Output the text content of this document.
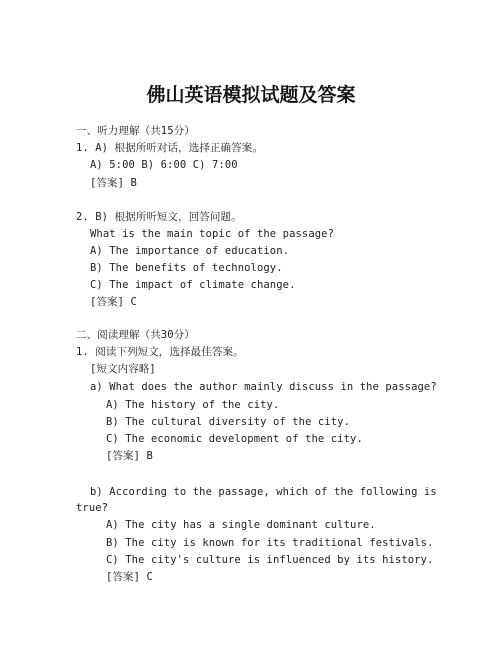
佛山英语模拟试题及答案
一、听力理解（共15分）
1. A) 根据所听对话，选择正确答案。
A) 5:00 B) 6:00 C) 7:00
[答案] B
2. B) 根据所听短文，回答问题。
What is the main topic of the passage?
A) The importance of education.
B) The benefits of technology.
C) The impact of climate change.
[答案] C
二、阅读理解（共30分）
1. 阅读下列短文，选择最佳答案。
[短文内容略]
a) What does the author mainly discuss in the passage?
A) The history of the city.
B) The cultural diversity of the city.
C) The economic development of the city.
[答案] B
b) According to the passage, which of the following is
true?
A) The city has a single dominant culture.
B) The city is known for its traditional festivals.
C) The city's culture is influenced by its history.
[答案] C
